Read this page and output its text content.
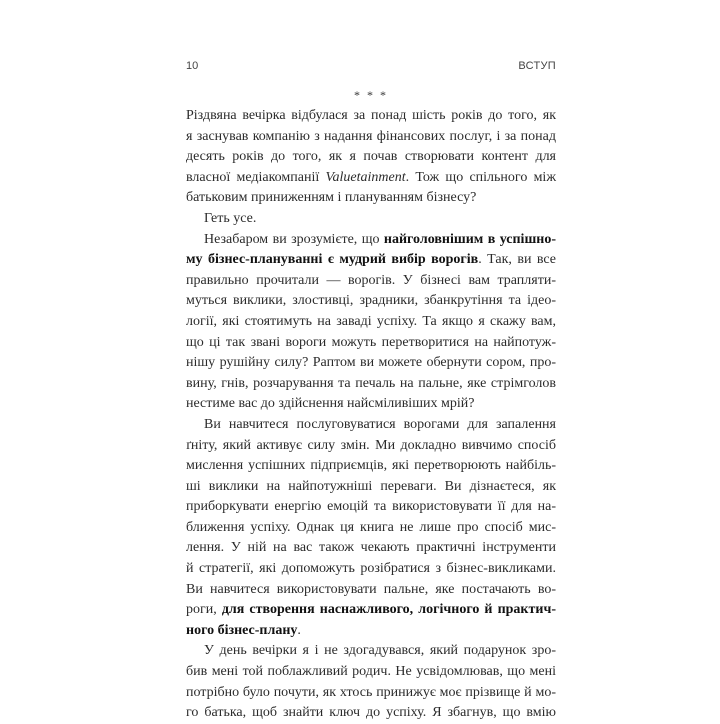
10	ВСТУП
* * *
Різдвяна вечірка відбулася за понад шість років до того, як
я заснував компанію з надання фінансових послуг, і за понад
десять років до того, як я почав створювати контент для
власної медіакомпанії Valuetainment. Тож що спільного між
батьковим приниженням і плануванням бізнесу?
Геть усе.
Незабаром ви зрозумієте, що найголовнішим в успішно-
му бізнес-плануванні є мудрий вибір ворогів. Так, ви все
правильно прочитали — ворогів. У бізнесі вам трапляти-
муться виклики, злостивці, зрадники, збанкрутіння та ідео-
логії, які стоятимуть на заваді успіху. Та якщо я скажу вам,
що ці так звані вороги можуть перетворитися на найпотуж-
нішу рушійну силу? Раптом ви можете обернути сором, про-
вину, гнів, розчарування та печаль на пальне, яке стрімголов
нестиме вас до здійснення найсміливіших мрій?
Ви навчитеся послуговуватися ворогами для запалення
ґніту, який активує силу змін. Ми докладно вивчимо спосіб
мислення успішних підприємців, які перетворюють найбіль-
ші виклики на найпотужніші переваги. Ви дізнаєтеся, як
приборкувати енергію емоцій та використовувати її для на-
ближення успіху. Однак ця книга не лише про спосіб мис-
лення. У ній на вас також чекають практичні інструменти
й стратегії, які допоможуть розібратися з бізнес-викликами.
Ви навчитеся використовувати пальне, яке постачають во-
роги, для створення наснажливого, логічного й практич-
ного бізнес-плану.
У день вечірки я і не здогадувався, який подарунок зро-
бив мені той поблажливий родич. Не усвідомлював, що мені
потрібно було почути, як хтось принижує моє прізвище й мо-
го батька, щоб знайти ключ до успіху. Я збагнув, що вмію
